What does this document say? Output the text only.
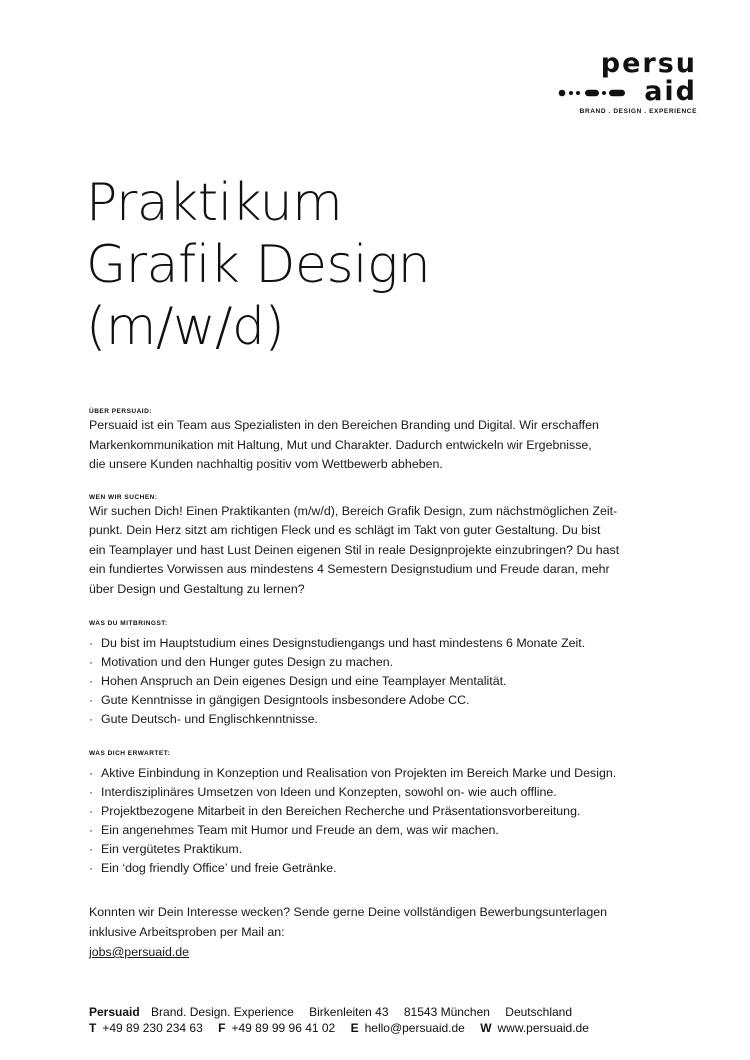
persu
aid
BRAND . DESIGN . EXPERIENCE
Praktikum
Grafik Design
(m/w/d)

ÜBER PERSUAID:

Persuaid ist ein Team aus Spezialisten in den Bereichen Branding und Digital. Wir erschaffen
Markenkommunikation mit Haltung, Mut und Charakter. Dadurch entwickeln wir Ergebnisse,
die unsere Kunden nachhaltig positiv vom Wettbewerb abheben.

WEN WIR SUCHEN:

Wir suchen Dich! Einen Praktikanten (m/w/d), Bereich Grafik Design, zum nächstmöglichen Zeit-
punkt. Dein Herz sitzt am richtigen Fleck und es schlägt im Takt von guter Gestaltung. Du bist
ein Teamplayer und hast Lust Deinen eigenen Stil in reale Designprojekte einzubringen? Du hast
ein fundiertes Vorwissen aus mindestens 4 Semestern Designstudium und Freude daran, mehr
über Design und Gestaltung zu lernen?

WAS DU MITBRINGST:

· Du bist im Hauptstudium eines Designstudiengangs und hast mindestens 6 Monate Zeit.
· Motivation und den Hunger gutes Design zu machen.
· Hohen Anspruch an Dein eigenes Design und eine Teamplayer Mentalität.
· Gute Kenntnisse in gängigen Designtools insbesondere Adobe CC.
· Gute Deutsch- und Englischkenntnisse.

WAS DICH ERWARTET:

· Aktive Einbindung in Konzeption und Realisation von Projekten im Bereich Marke und Design.
· Interdisziplinäres Umsetzen von Ideen und Konzepten, sowohl on- wie auch offline.
· Projektbezogene Mitarbeit in den Bereichen Recherche und Präsentationsvorbereitung.
· Ein angenehmes Team mit Humor und Freude an dem, was wir machen.
· Ein vergütetes Praktikum.
· Ein ‘dog friendly Office’ und freie Getränke.

Konnten wir Dein Interesse wecken? Sende gerne Deine vollständigen Bewerbungsunterlagen
inklusive Arbeitsproben per Mail an:
jobs@persuaid.de

Persuaid Brand. Design. Experience Birkenleiten 43 81543 München Deutschland
T +49 89 230 234 63 F +49 89 99 96 41 02 E hello@persuaid.de W www.persuaid.de
